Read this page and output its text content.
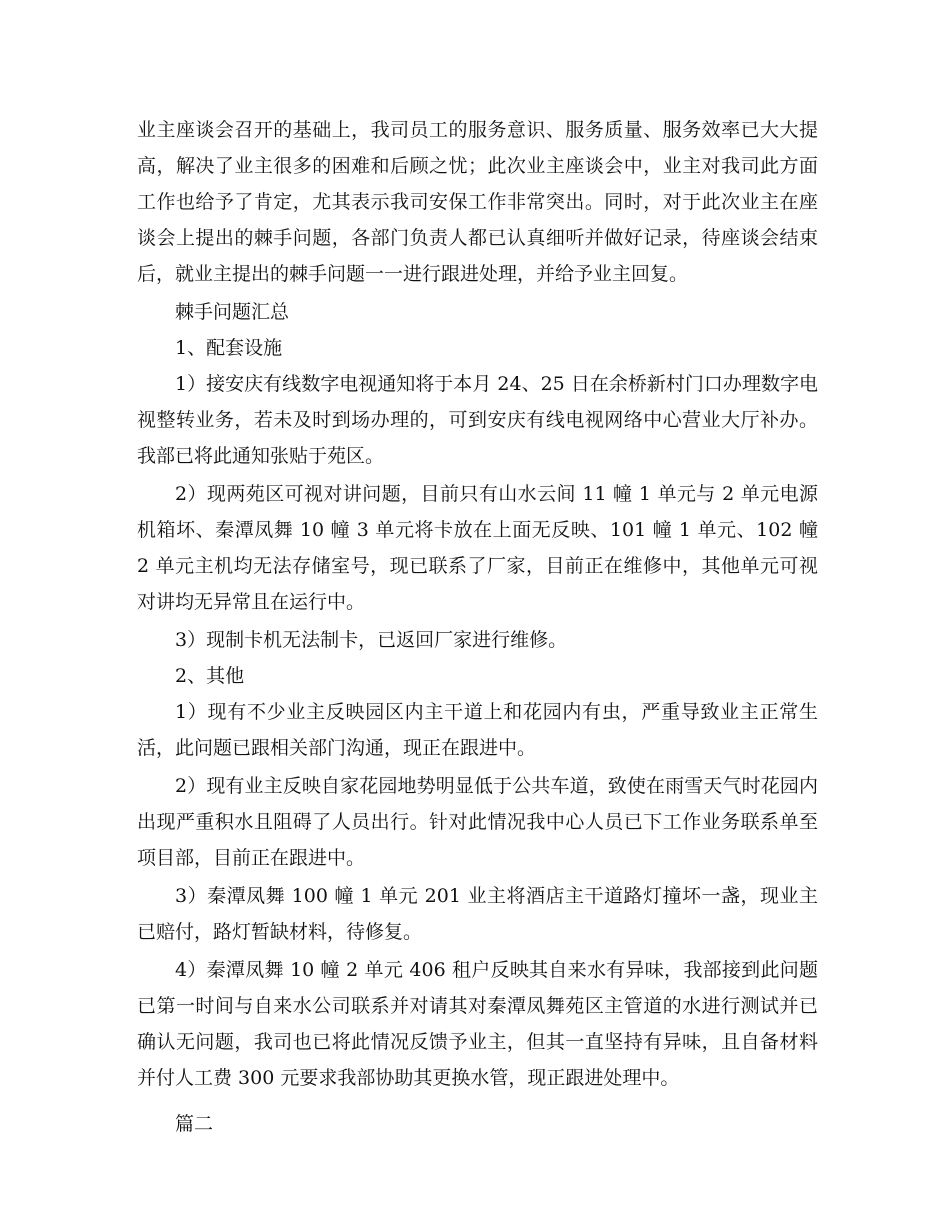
业主座谈会召开的基础上，我司员工的服务意识、服务质量、服务效率已大大提高，解决了业主很多的困难和后顾之忧；此次业主座谈会中，业主对我司此方面工作也给予了肯定，尤其表示我司安保工作非常突出。同时，对于此次业主在座谈会上提出的棘手问题，各部门负责人都已认真细听并做好记录，待座谈会结束后，就业主提出的棘手问题一一进行跟进处理，并给予业主回复。

棘手问题汇总

1、配套设施

1）接安庆有线数字电视通知将于本月 24、25 日在余桥新村门口办理数字电视整转业务，若未及时到场办理的，可到安庆有线电视网络中心营业大厅补办。我部已将此通知张贴于苑区。

2）现两苑区可视对讲问题，目前只有山水云间 11 幢 1 单元与 2 单元电源机箱坏、秦潭凤舞 10 幢 3 单元将卡放在上面无反映、101 幢 1 单元、102 幢 2 单元主机均无法存储室号，现已联系了厂家，目前正在维修中，其他单元可视对讲均无异常且在运行中。

3）现制卡机无法制卡，已返回厂家进行维修。

2、其他

1）现有不少业主反映园区内主干道上和花园内有虫，严重导致业主正常生活，此问题已跟相关部门沟通，现正在跟进中。

2）现有业主反映自家花园地势明显低于公共车道，致使在雨雪天气时花园内出现严重积水且阻碍了人员出行。针对此情况我中心人员已下工作业务联系单至项目部，目前正在跟进中。

3）秦潭凤舞 100 幢 1 单元 201 业主将酒店主干道路灯撞坏一盏，现业主已赔付，路灯暂缺材料，待修复。

4）秦潭凤舞 10 幢 2 单元 406 租户反映其自来水有异味，我部接到此问题已第一时间与自来水公司联系并对请其对秦潭凤舞苑区主管道的水进行测试并已确认无问题，我司也已将此情况反馈予业主，但其一直坚持有异味，且自备材料并付人工费 300 元要求我部协助其更换水管，现正跟进处理中。

篇二
